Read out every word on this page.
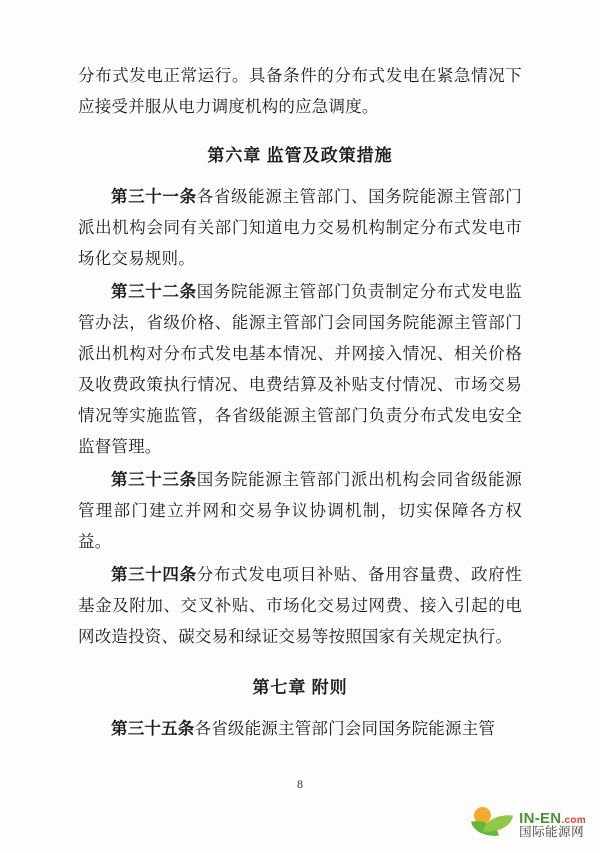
分布式发电正常运行。具备条件的分布式发电在紧急情况下应接受并服从电力调度机构的应急调度。

第六章 监管及政策措施

第三十一条各省级能源主管部门、国务院能源主管部门派出机构会同有关部门知道电力交易机构制定分布式发电市场化交易规则。

第三十二条国务院能源主管部门负责制定分布式发电监管办法，省级价格、能源主管部门会同国务院能源主管部门派出机构对分布式发电基本情况、并网接入情况、相关价格及收费政策执行情况、电费结算及补贴支付情况、市场交易情况等实施监管，各省级能源主管部门负责分布式发电安全监督管理。

第三十三条国务院能源主管部门派出机构会同省级能源管理部门建立并网和交易争议协调机制，切实保障各方权益。

第三十四条分布式发电项目补贴、备用容量费、政府性基金及附加、交叉补贴、市场化交易过网费、接入引起的电网改造投资、碳交易和绿证交易等按照国家有关规定执行。

第七章 附则

第三十五条各省级能源主管部门会同国务院能源主管

8
IN-EN.com
国际能源网
